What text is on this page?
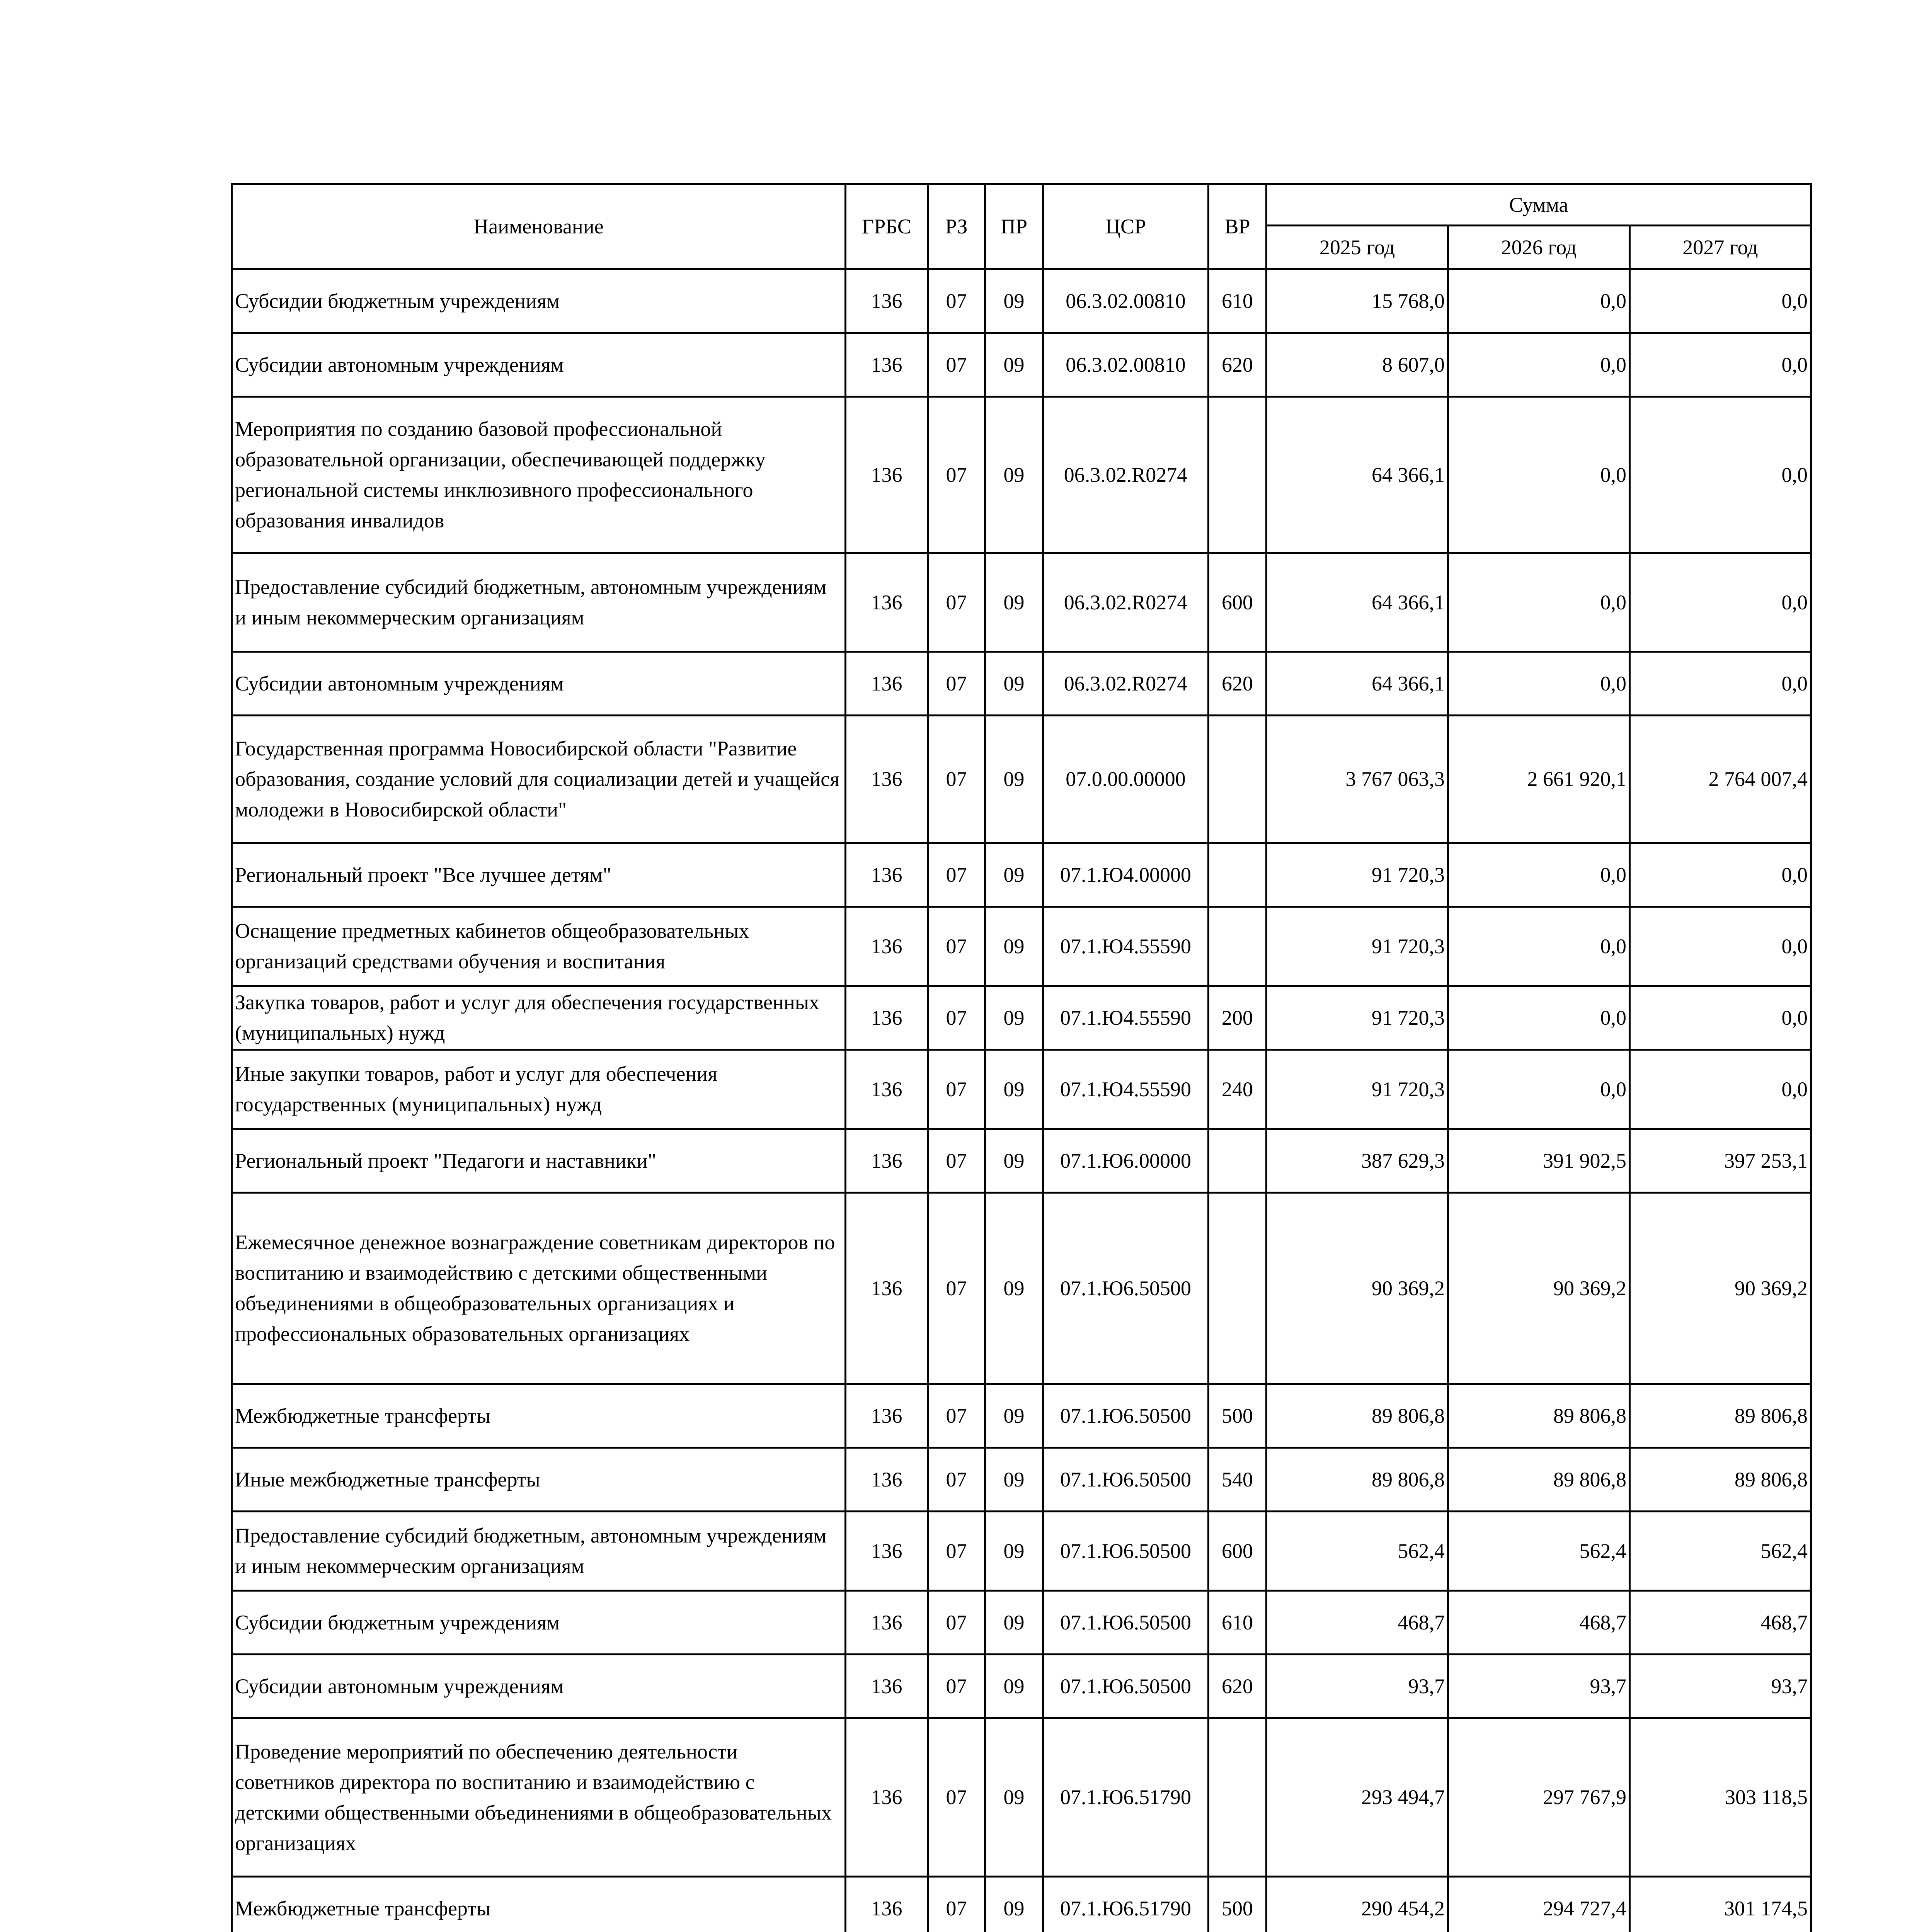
Наименование	ГРБС	РЗ	ПР	ЦСР	ВР	Сумма		
						2025 год	2026 год	2027 год
Субсидии бюджетным учреждениям	136	07	09	06.3.02.00810	610	15 768,0	0,0	0,0
Субсидии автономным учреждениям	136	07	09	06.3.02.00810	620	8 607,0	0,0	0,0
Мероприятия по созданию базовой профессиональной образовательной организации, обеспечивающей поддержку региональной системы инклюзивного профессионального образования инвалидов	136	07	09	06.3.02.R0274		64 366,1	0,0	0,0
Предоставление субсидий бюджетным, автономным учреждениям и иным некоммерческим организациям	136	07	09	06.3.02.R0274	600	64 366,1	0,0	0,0
Субсидии автономным учреждениям	136	07	09	06.3.02.R0274	620	64 366,1	0,0	0,0
Государственная программа Новосибирской области "Развитие образования, создание условий для социализации детей и учащейся молодежи в Новосибирской области"	136	07	09	07.0.00.00000		3 767 063,3	2 661 920,1	2 764 007,4
Региональный проект "Все лучшее детям"	136	07	09	07.1.Ю4.00000		91 720,3	0,0	0,0
Оснащение предметных кабинетов общеобразовательных организаций средствами обучения и воспитания	136	07	09	07.1.Ю4.55590		91 720,3	0,0	0,0
Закупка товаров, работ и услуг для обеспечения государственных (муниципальных) нужд	136	07	09	07.1.Ю4.55590	200	91 720,3	0,0	0,0
Иные закупки товаров, работ и услуг для обеспечения государственных (муниципальных) нужд	136	07	09	07.1.Ю4.55590	240	91 720,3	0,0	0,0
Региональный проект "Педагоги и наставники"	136	07	09	07.1.Ю6.00000		387 629,3	391 902,5	397 253,1
Ежемесячное денежное вознаграждение советникам директоров по воспитанию и взаимодействию с детскими общественными объединениями в общеобразовательных организациях и профессиональных образовательных организациях	136	07	09	07.1.Ю6.50500		90 369,2	90 369,2	90 369,2
Межбюджетные трансферты	136	07	09	07.1.Ю6.50500	500	89 806,8	89 806,8	89 806,8
Иные межбюджетные трансферты	136	07	09	07.1.Ю6.50500	540	89 806,8	89 806,8	89 806,8
Предоставление субсидий бюджетным, автономным учреждениям и иным некоммерческим организациям	136	07	09	07.1.Ю6.50500	600	562,4	562,4	562,4
Субсидии бюджетным учреждениям	136	07	09	07.1.Ю6.50500	610	468,7	468,7	468,7
Субсидии автономным учреждениям	136	07	09	07.1.Ю6.50500	620	93,7	93,7	93,7
Проведение мероприятий по обеспечению деятельности советников директора по воспитанию и взаимодействию с детскими общественными объединениями в общеобразовательных организациях	136	07	09	07.1.Ю6.51790		293 494,7	297 767,9	303 118,5
Межбюджетные трансферты	136	07	09	07.1.Ю6.51790	500	290 454,2	294 727,4	301 174,5
